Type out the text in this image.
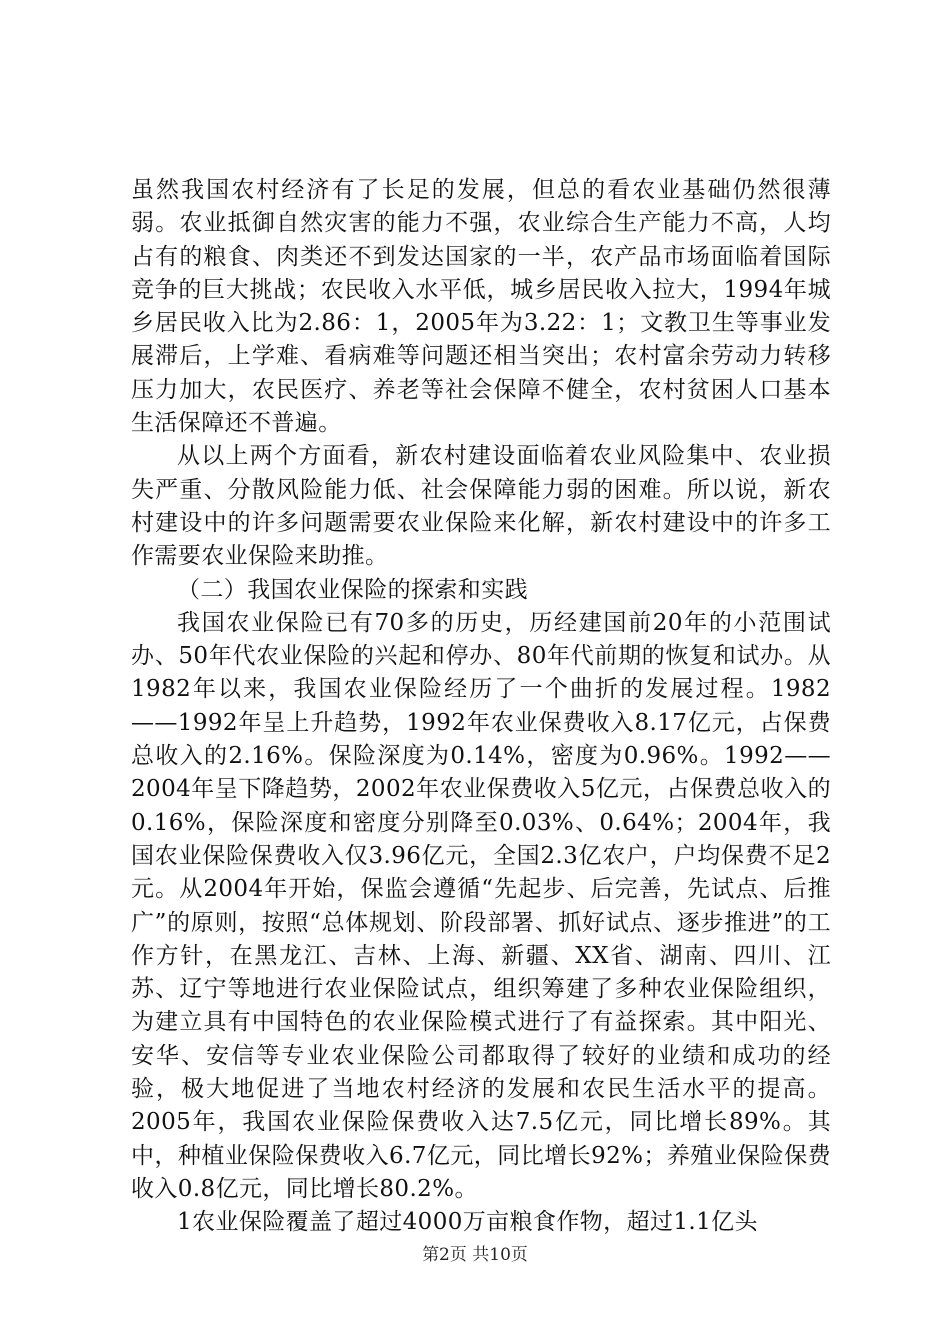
虽然我国农村经济有了长足的发展，但总的看农业基础仍然很薄弱。农业抵御自然灾害的能力不强，农业综合生产能力不高，人均占有的粮食、肉类还不到发达国家的一半，农产品市场面临着国际竞争的巨大挑战；农民收入水平低，城乡居民收入拉大，1994年城乡居民收入比为2.86：1，2005年为3.22：1；文教卫生等事业发展滞后，上学难、看病难等问题还相当突出；农村富余劳动力转移压力加大，农民医疗、养老等社会保障不健全，农村贫困人口基本生活保障还不普遍。

从以上两个方面看，新农村建设面临着农业风险集中、农业损失严重、分散风险能力低、社会保障能力弱的困难。所以说，新农村建设中的许多问题需要农业保险来化解，新农村建设中的许多工作需要农业保险来助推。

（二）我国农业保险的探索和实践

我国农业保险已有70多的历史，历经建国前20年的小范围试办、50年代农业保险的兴起和停办、80年代前期的恢复和试办。从1982年以来，我国农业保险经历了一个曲折的发展过程。1982——1992年呈上升趋势，1992年农业保费收入8.17亿元，占保费总收入的2.16%。保险深度为0.14%，密度为0.96%。1992——2004年呈下降趋势，2002年农业保费收入5亿元，占保费总收入的0.16%，保险深度和密度分别降至0.03%、0.64%；2004年，我国农业保险保费收入仅3.96亿元，全国2.3亿农户，户均保费不足2元。从2004年开始，保监会遵循“先起步、后完善，先试点、后推广”的原则，按照“总体规划、阶段部署、抓好试点、逐步推进”的工作方针，在黑龙江、吉林、上海、新疆、XX省、湖南、四川、江苏、辽宁等地进行农业保险试点，组织筹建了多种农业保险组织，为建立具有中国特色的农业保险模式进行了有益探索。其中阳光、安华、安信等专业农业保险公司都取得了较好的业绩和成功的经验，极大地促进了当地农村经济的发展和农民生活水平的提高。2005年，我国农业保险保费收入达7.5亿元，同比增长89%。其中，种植业保险保费收入6.7亿元，同比增长92%；养殖业保险保费收入0.8亿元，同比增长80.2%。

1农业保险覆盖了超过4000万亩粮食作物，超过1.1亿头

第2页 共10页
